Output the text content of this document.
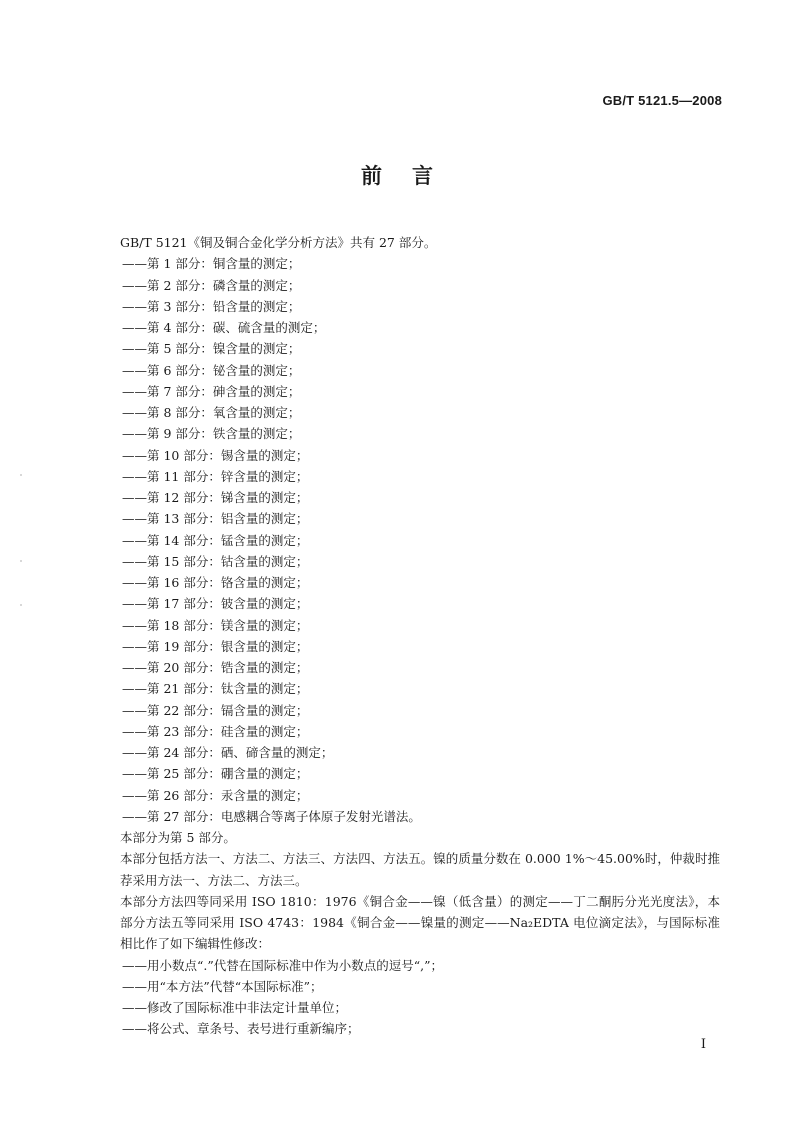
GB/T 5121.5—2008
前言
GB/T 5121《铜及铜合金化学分析方法》共有 27 部分。
——第 1 部分：铜含量的测定；
——第 2 部分：磷含量的测定；
——第 3 部分：铅含量的测定；
——第 4 部分：碳、硫含量的测定；
——第 5 部分：镍含量的测定；
——第 6 部分：铋含量的测定；
——第 7 部分：砷含量的测定；
——第 8 部分：氧含量的测定；
——第 9 部分：铁含量的测定；
——第 10 部分：锡含量的测定；
——第 11 部分：锌含量的测定；
——第 12 部分：锑含量的测定；
——第 13 部分：铝含量的测定；
——第 14 部分：锰含量的测定；
——第 15 部分：钴含量的测定；
——第 16 部分：铬含量的测定；
——第 17 部分：铍含量的测定；
——第 18 部分：镁含量的测定；
——第 19 部分：银含量的测定；
——第 20 部分：锆含量的测定；
——第 21 部分：钛含量的测定；
——第 22 部分：镉含量的测定；
——第 23 部分：硅含量的测定；
——第 24 部分：硒、碲含量的测定；
——第 25 部分：硼含量的测定；
——第 26 部分：汞含量的测定；
——第 27 部分：电感耦合等离子体原子发射光谱法。
本部分为第 5 部分。
本部分包括方法一、方法二、方法三、方法四、方法五。镍的质量分数在 0.000 1%～45.00%时，仲裁时推荐采用方法一、方法二、方法三。
本部分方法四等同采用 ISO 1810：1976《铜合金——镍（低含量）的测定——丁二酮肟分光光度法》，本部分方法五等同采用 ISO 4743：1984《铜合金——镍量的测定——Na₂EDTA 电位滴定法》，与国际标准相比作了如下编辑性修改：
——用小数点“.”代替在国际标准中作为小数点的逗号“,”；
——用“本方法”代替“本国际标准”；
——修改了国际标准中非法定计量单位；
——将公式、章条号、表号进行重新编序；
I
